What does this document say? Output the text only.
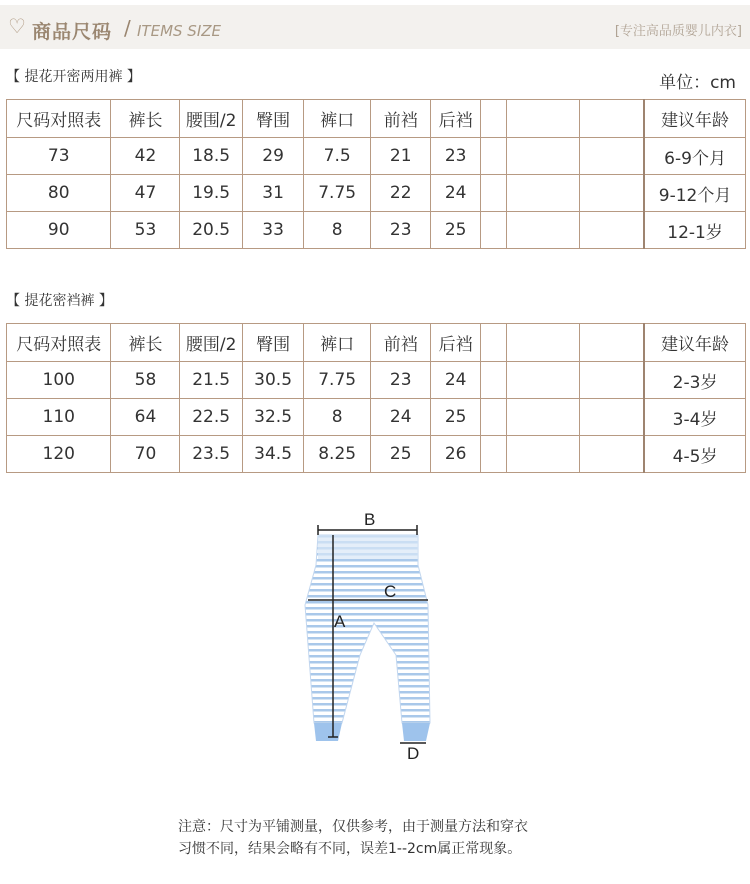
♡ 商品尺码 / ITEMS SIZE	[专注高品质婴儿内衣]
【 提花开密两用裤 】	单位：cm
尺码对照表	裤长	腰围/2	臀围	裤口	前裆	后裆				建议年龄
73	42	18.5	29	7.5	21	23				6-9个月
80	47	19.5	31	7.75	22	24				9-12个月
90	53	20.5	33	8	23	25				12-1岁
【 提花密裆裤 】
尺码对照表	裤长	腰围/2	臀围	裤口	前裆	后裆				建议年龄
100	58	21.5	30.5	7.75	23	24				2-3岁
110	64	22.5	32.5	8	24	25				3-4岁
120	70	23.5	34.5	8.25	25	26				4-5岁
B
C
A
D
注意：尺寸为平铺测量，仅供参考，由于测量方法和穿衣
习惯不同，结果会略有不同，误差1--2cm属正常现象。
